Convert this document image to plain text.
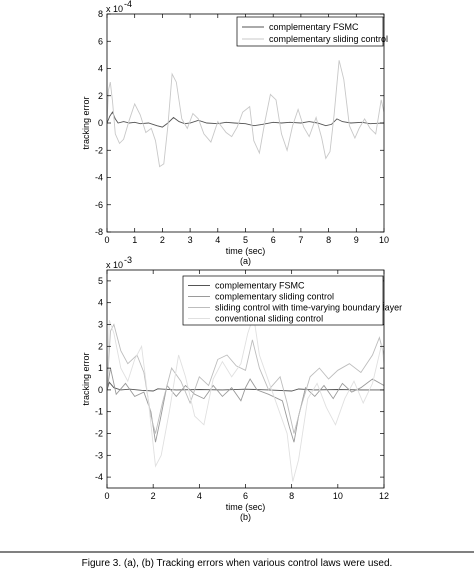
0	1	2	3	4	5	6	7	8	9 10
-8
-6
-4
-2
0
2
4
6
8 x 10 -4
time (sec)
tracking error
(a)
complementary FSMC
complementary sliding control
0	2	4	6	8	10	12
-4
-3
-2
-1
0
1
2
3
4
5
x 10 -3
time (sec)
tracking error
(b)
complementary FSMC
complementary sliding control
sliding control with time-varying boundary layer
conventional sliding control
Figure 3. (a), (b) Tracking errors when various control laws were used.
